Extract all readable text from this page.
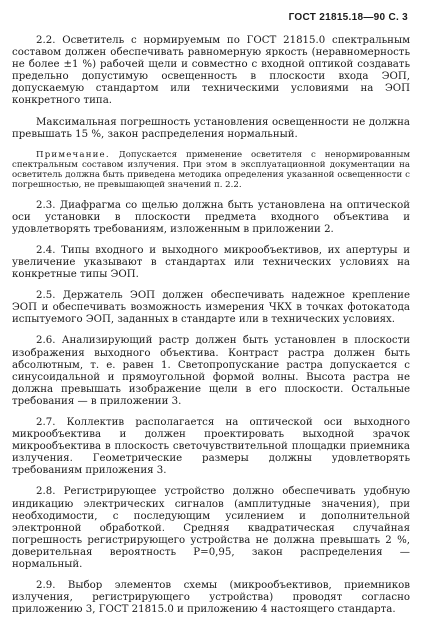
ГОСТ 21815.18—90 С. 3

2.2. Осветитель с нормируемым по ГОСТ 21815.0 спектральным составом должен обеспечивать равномерную яркость (неравномерность не более ±1 %) рабочей щели и совместно с входной оптикой создавать предельно допустимую освещенность в плоскости входа ЭОП, допускаемую стандартом или техническими условиями на ЭОП конкретного типа.

Максимальная погрешность установления освещенности не должна превышать 15 %, закон распределения нормальный.

Примечание. Допускается применение осветителя с ненормированным спектральным составом излучения. При этом в эксплуатационной документации на осветитель должна быть приведена методика определения указанной освещенности с погрешностью, не превышающей значений п. 2.2.

2.3. Диафрагма со щелью должна быть установлена на оптической оси установки в плоскости предмета входного объектива и удовлетворять требованиям, изложенным в приложении 2.

2.4. Типы входного и выходного микрообъективов, их апертуры и увеличение указывают в стандартах или технических условиях на конкретные типы ЭОП.

2.5. Держатель ЭОП должен обеспечивать надежное крепление ЭОП и обеспечивать возможность измерения ЧКХ в точках фотокатода испытуемого ЭОП, заданных в стандарте или в технических условиях.

2.6. Анализирующий растр должен быть установлен в плоскости изображения выходного объектива. Контраст растра должен быть абсолютным, т. е. равен 1. Светопропускание растра допускается с синусоидальной и прямоугольной формой волны. Высота растра не должна превышать изображение щели в его плоскости. Остальные требования — в приложении 3.

2.7. Коллектив располагается на оптической оси выходного микрообъектива и должен проектировать выходной зрачок микрообъектива в плоскость светочувствительной площадки приемника излучения. Геометрические размеры должны удовлетворять требованиям приложения 3.

2.8. Регистрирующее устройство должно обеспечивать удобную индикацию электрических сигналов (амплитудные значения), при необходимости, с последующим усилением и дополнительной электронной обработкой. Средняя квадратическая случайная погрешность регистрирующего устройства не должна превышать 2 %, доверительная вероятность P=0,95, закон распределения — нормальный.

2.9. Выбор элементов схемы (микрообъективов, приемников излучения, регистрирующего устройства) проводят согласно приложению 3, ГОСТ 21815.0 и приложению 4 настоящего стандарта.
